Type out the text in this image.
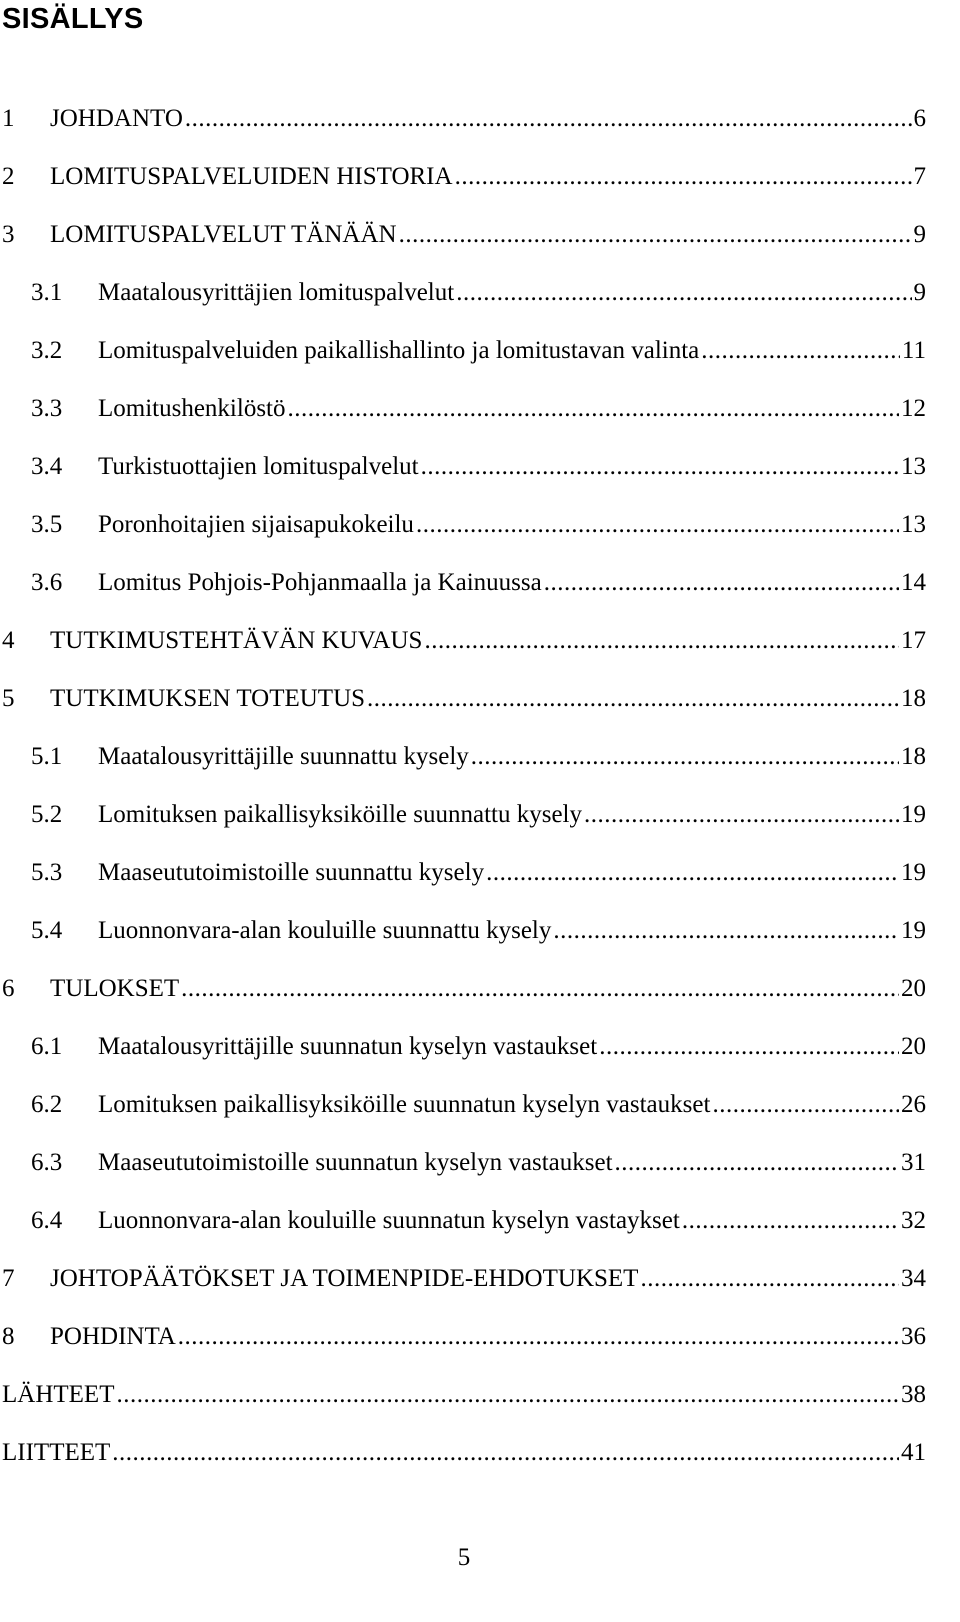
SISÄLLYS
1	JOHDANTO .....	6
2	LOMITUSPALVELUIDEN HISTORIA .....	7
3	LOMITUSPALVELUT TÄNÄÄN .....	9
3.1	Maatalousyrittäjien lomituspalvelut .....	9
3.2	Lomituspalveluiden paikallishallinto ja lomitustavan valinta .....	11
3.3	Lomitushenkilöstö .....	12
3.4	Turkistuottajien lomituspalvelut .....	13
3.5	Poronhoitajien sijaisapukokeilu .....	13
3.6	Lomitus Pohjois-Pohjanmaalla ja Kainuussa .....	14
4	TUTKIMUSTEHTÄVÄN KUVAUS .....	17
5	TUTKIMUKSEN TOTEUTUS .....	18
5.1	Maatalousyrittäjille suunnattu kysely .....	18
5.2	Lomituksen paikallisyksiköille suunnattu kysely .....	19
5.3	Maaseututoimistoille suunnattu kysely .....	19
5.4	Luonnonvara-alan kouluille suunnattu kysely .....	19
6	TULOKSET .....	20
6.1	Maatalousyrittäjille suunnatun kyselyn vastaukset .....	20
6.2	Lomituksen paikallisyksiköille suunnatun kyselyn vastaukset .....	26
6.3	Maaseututoimistoille suunnatun kyselyn vastaukset .....	31
6.4	Luonnonvara-alan kouluille suunnatun kyselyn vastaykset .....	32
7	JOHTOPÄÄTÖKSET JA TOIMENPIDE-EHDOTUKSET .....	34
8	POHDINTA .....	36
LÄHTEET .....	38
LIITTEET .....	41
5
